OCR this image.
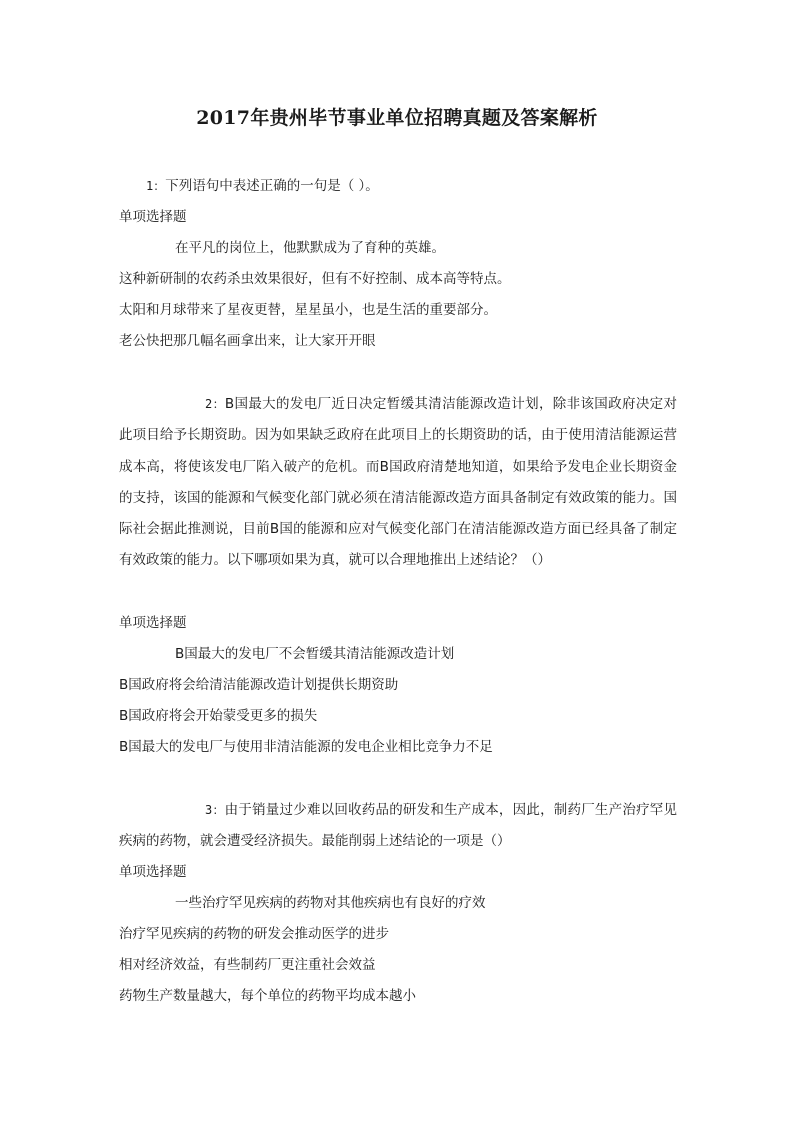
2017年贵州毕节事业单位招聘真题及答案解析
1：下列语句中表述正确的一句是（ ）。
单项选择题
在平凡的岗位上，他默默成为了育种的英雄。
这种新研制的农药杀虫效果很好，但有不好控制、成本高等特点。
太阳和月球带来了星夜更替，星星虽小，也是生活的重要部分。
老公快把那几幅名画拿出来，让大家开开眼
2：B国最大的发电厂近日决定暂缓其清洁能源改造计划，除非该国政府决定对此项目给予长期资助。因为如果缺乏政府在此项目上的长期资助的话，由于使用清洁能源运营成本高，将使该发电厂陷入破产的危机。而B国政府清楚地知道，如果给予发电企业长期资金的支持，该国的能源和气候变化部门就必须在清洁能源改造方面具备制定有效政策的能力。国际社会据此推测说，目前B国的能源和应对气候变化部门在清洁能源改造方面已经具备了制定有效政策的能力。以下哪项如果为真，就可以合理地推出上述结论？（）
单项选择题
B国最大的发电厂不会暂缓其清洁能源改造计划
B国政府将会给清洁能源改造计划提供长期资助
B国政府将会开始蒙受更多的损失
B国最大的发电厂与使用非清洁能源的发电企业相比竞争力不足
3：由于销量过少难以回收药品的研发和生产成本，因此，制药厂生产治疗罕见疾病的药物，就会遭受经济损失。最能削弱上述结论的一项是（）
单项选择题
一些治疗罕见疾病的药物对其他疾病也有良好的疗效
治疗罕见疾病的药物的研发会推动医学的进步
相对经济效益，有些制药厂更注重社会效益
药物生产数量越大，每个单位的药物平均成本越小
